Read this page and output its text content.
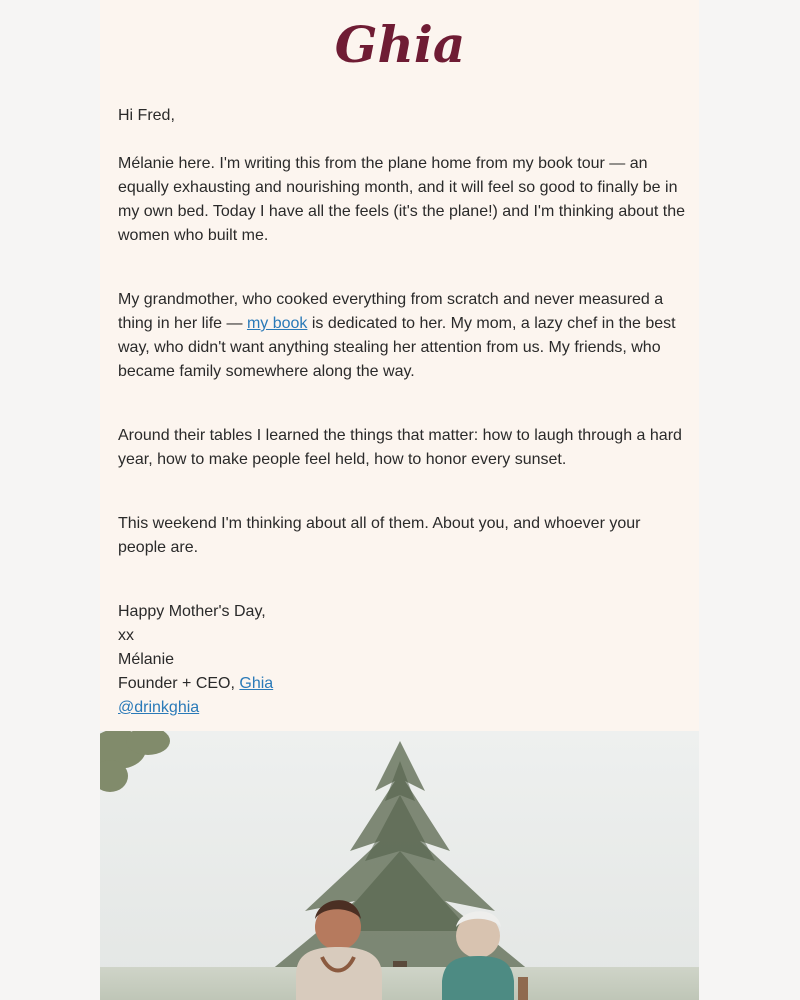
Ghia

Hi Fred,

Mélanie here. I'm writing this from the plane home from my book tour — an equally exhausting and nourishing month, and it will feel so good to finally be in my own bed. Today I have all the feels (it's the plane!) and I'm thinking about the women who built me.

My grandmother, who cooked everything from scratch and never measured a thing in her life — my book is dedicated to her. My mom, a lazy chef in the best way, who didn't want anything stealing her attention from us. My friends, who became family somewhere along the way.

Around their tables I learned the things that matter: how to laugh through a hard year, how to make people feel held, how to honor every sunset.

This weekend I'm thinking about all of them. About you, and whoever your people are.

Happy Mother's Day,

xx

Mélanie

Founder + CEO, Ghia

@drinkghia
